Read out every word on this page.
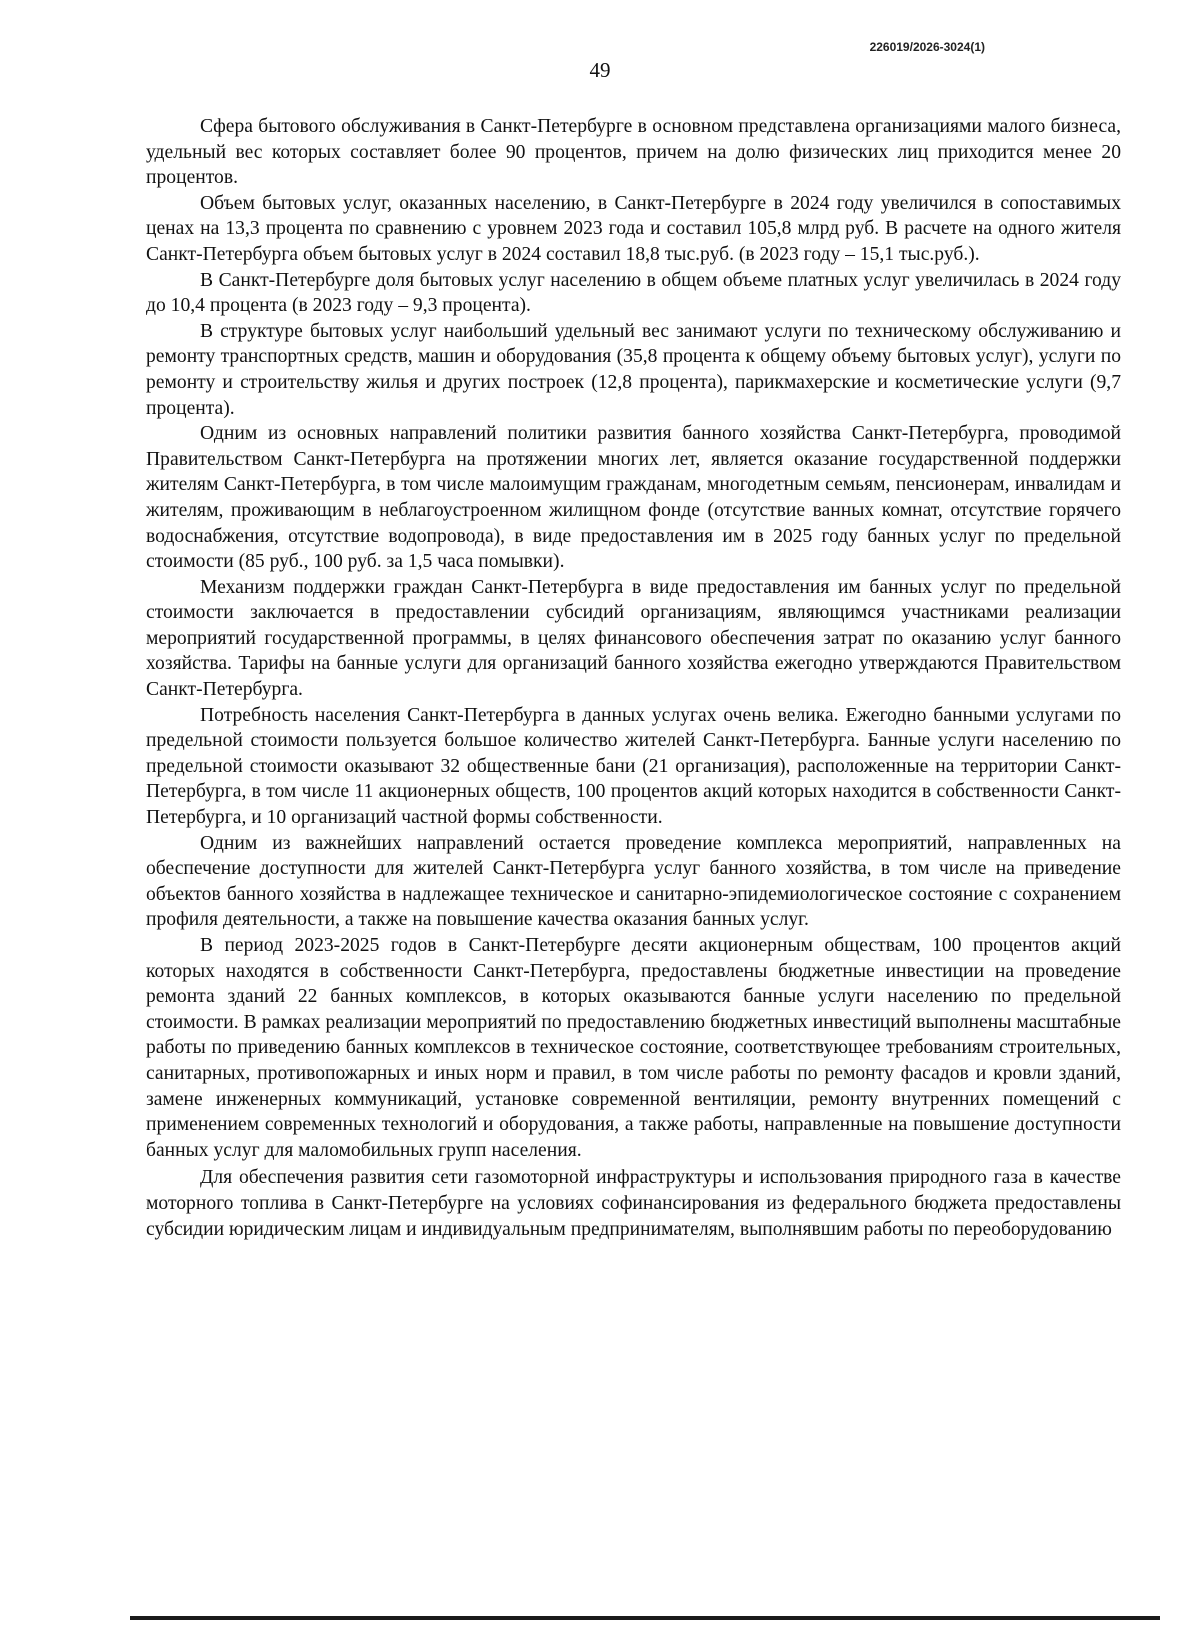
226019/2026-3024(1)
49

Сфера бытового обслуживания в Санкт-Петербурге в основном представлена организациями малого бизнеса, удельный вес которых составляет более 90 процентов, причем на долю физических лиц приходится менее 20 процентов.

Объем бытовых услуг, оказанных населению, в Санкт-Петербурге в 2024 году увеличился в сопоставимых ценах на 13,3 процента по сравнению с уровнем 2023 года и составил 105,8 млрд руб. В расчете на одного жителя Санкт-Петербурга объем бытовых услуг в 2024 составил 18,8 тыс.руб. (в 2023 году – 15,1 тыс.руб.).

В Санкт-Петербурге доля бытовых услуг населению в общем объеме платных услуг увеличилась в 2024 году до 10,4 процента (в 2023 году – 9,3 процента).

В структуре бытовых услуг наибольший удельный вес занимают услуги по техническому обслуживанию и ремонту транспортных средств, машин и оборудования (35,8 процента к общему объему бытовых услуг), услуги по ремонту и строительству жилья и других построек (12,8 процента), парикмахерские и косметические услуги (9,7 процента).

Одним из основных направлений политики развития банного хозяйства Санкт-Петербурга, проводимой Правительством Санкт-Петербурга на протяжении многих лет, является оказание государственной поддержки жителям Санкт-Петербурга, в том числе малоимущим гражданам, многодетным семьям, пенсионерам, инвалидам и жителям, проживающим в неблагоустроенном жилищном фонде (отсутствие ванных комнат, отсутствие горячего водоснабжения, отсутствие водопровода), в виде предоставления им в 2025 году банных услуг по предельной стоимости (85 руб., 100 руб. за 1,5 часа помывки).

Механизм поддержки граждан Санкт-Петербурга в виде предоставления им банных услуг по предельной стоимости заключается в предоставлении субсидий организациям, являющимся участниками реализации мероприятий государственной программы, в целях финансового обеспечения затрат по оказанию услуг банного хозяйства. Тарифы на банные услуги для организаций банного хозяйства ежегодно утверждаются Правительством Санкт-Петербурга.

Потребность населения Санкт-Петербурга в данных услугах очень велика. Ежегодно банными услугами по предельной стоимости пользуется большое количество жителей Санкт-Петербурга. Банные услуги населению по предельной стоимости оказывают 32 общественные бани (21 организация), расположенные на территории Санкт-Петербурга, в том числе 11 акционерных обществ, 100 процентов акций которых находится в собственности Санкт-Петербурга, и 10 организаций частной формы собственности.

Одним из важнейших направлений остается проведение комплекса мероприятий, направленных на обеспечение доступности для жителей Санкт-Петербурга услуг банного хозяйства, в том числе на приведение объектов банного хозяйства в надлежащее техническое и санитарно-эпидемиологическое состояние с сохранением профиля деятельности, а также на повышение качества оказания банных услуг.

В период 2023-2025 годов в Санкт-Петербурге десяти акционерным обществам, 100 процентов акций которых находятся в собственности Санкт-Петербурга, предоставлены бюджетные инвестиции на проведение ремонта зданий 22 банных комплексов, в которых оказываются банные услуги населению по предельной стоимости. В рамках реализации мероприятий по предоставлению бюджетных инвестиций выполнены масштабные работы по приведению банных комплексов в техническое состояние, соответствующее требованиям строительных, санитарных, противопожарных и иных норм и правил, в том числе работы по ремонту фасадов и кровли зданий, замене инженерных коммуникаций, установке современной вентиляции, ремонту внутренних помещений с применением современных технологий и оборудования, а также работы, направленные на повышение доступности банных услуг для маломобильных групп населения.

Для обеспечения развития сети газомоторной инфраструктуры и использования природного газа в качестве моторного топлива в Санкт-Петербурге на условиях софинансирования из федерального бюджета предоставлены субсидии юридическим лицам и индивидуальным предпринимателям, выполнявшим работы по переоборудованию
